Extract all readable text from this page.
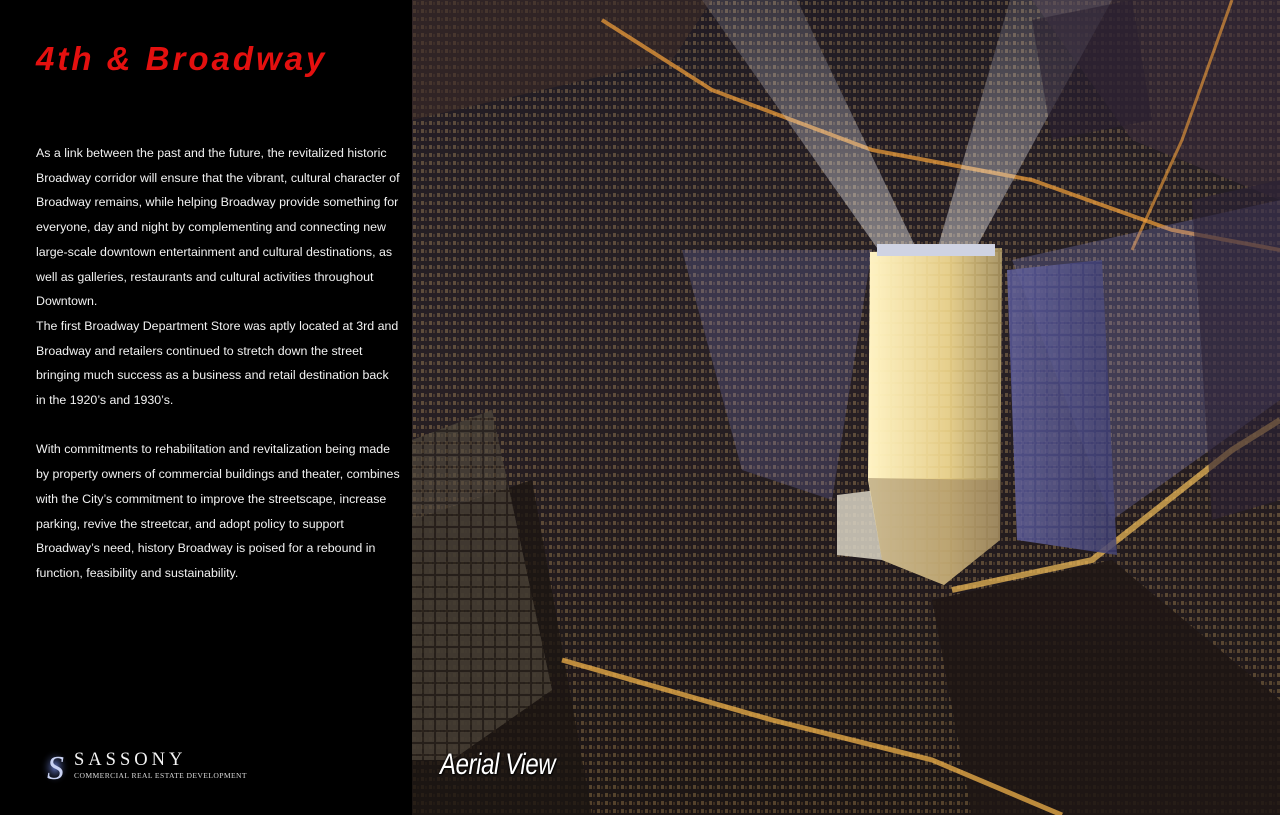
4th & Broadway

As a link between the past and the future, the revitalized historic Broadway corridor will ensure that the vibrant, cultural character of Broadway remains, while helping Broadway provide something for everyone, day and night by complementing and connecting new large-scale downtown entertainment and cultural destinations, as well as galleries, restaurants and cultural activities throughout Downtown.

The first Broadway Department Store was aptly located at 3rd and Broadway and retailers continued to stretch down the street bringing much success as a business and retail destination back in the 1920’s and 1930’s.

With commitments to rehabilitation and revitalization being made by property owners of commercial buildings and theater, combines with the City’s commitment to improve the streetscape, increase parking, revive the streetcar, and adopt policy to support Broadway’s need, history Broadway is poised for a rebound in function, feasibility and sustainability.

S SASSONY
COMMERCIAL REAL ESTATE DEVELOPMENT	Aerial View
